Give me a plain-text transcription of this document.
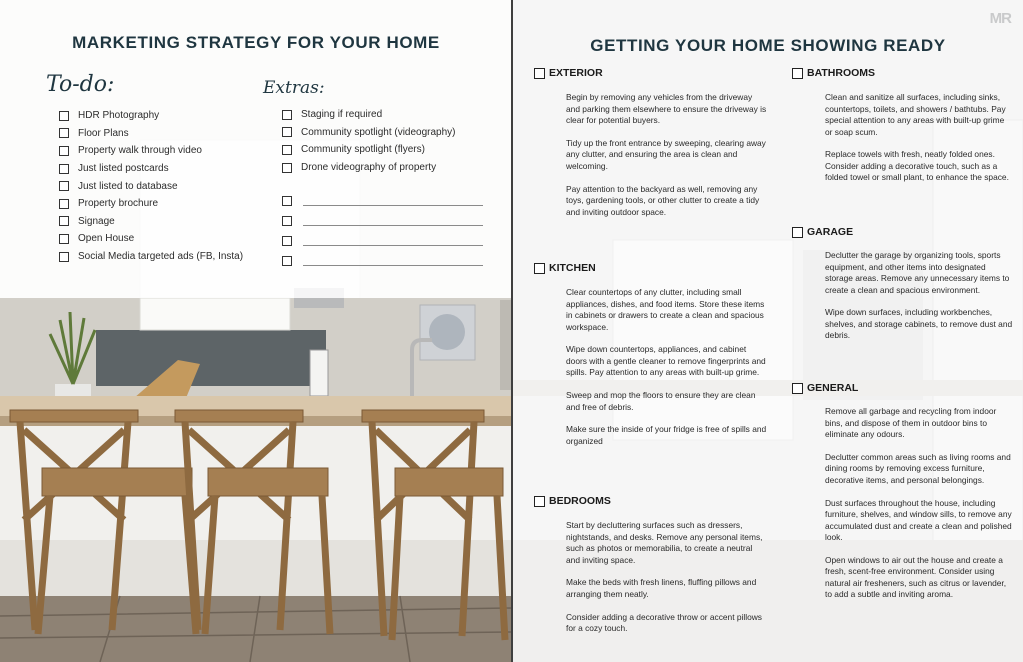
MARKETING STRATEGY FOR YOUR HOME
To-do:	Extras:
HDR Photography
Floor Plans
Property walk through video
Just listed postcards
Just listed to database
Property brochure
Signage
Open House
Social Media targeted ads (FB, Insta)
Staging if required
Community spotlight (videography)
Community spotlight (flyers)
Drone videography of property
MR
GETTING YOUR HOME SHOWING READY
EXTERIOR

Begin by removing any vehicles from the driveway and parking them elsewhere to ensure the driveway is clear for potential buyers.

Tidy up the front entrance by sweeping, clearing away any clutter, and ensuring the area is clean and welcoming.

Pay attention to the backyard as well, removing any toys, gardening tools, or other clutter to create a tidy and inviting outdoor space.

KITCHEN

Clear countertops of any clutter, including small appliances, dishes, and food items. Store these items in cabinets or drawers to create a clean and spacious workspace.

Wipe down countertops, appliances, and cabinet doors with a gentle cleaner to remove fingerprints and spills. Pay attention to any areas with built-up grime.

Sweep and mop the floors to ensure they are clean and free of debris.

Make sure the inside of your fridge is free of spills and organized

BEDROOMS

Start by decluttering surfaces such as dressers, nightstands, and desks. Remove any personal items, such as photos or memorabilia, to create a neutral and inviting space.

Make the beds with fresh linens, fluffing pillows and arranging them neatly.

Consider adding a decorative throw or accent pillows for a cozy touch.

BATHROOMS

Clean and sanitize all surfaces, including sinks, countertops, toilets, and showers / bathtubs. Pay special attention to any areas with built-up grime or soap scum.

Replace towels with fresh, neatly folded ones. Consider adding a decorative touch, such as a folded towel or small plant, to enhance the space.

GARAGE

Declutter the garage by organizing tools, sports equipment, and other items into designated storage areas. Remove any unnecessary items to create a clean and spacious environment.

Wipe down surfaces, including workbenches, shelves, and storage cabinets, to remove dust and debris.

GENERAL

Remove all garbage and recycling from indoor bins, and dispose of them in outdoor bins to eliminate any odours.

Declutter common areas such as living rooms and dining rooms by removing excess furniture, decorative items, and personal belongings.

Dust surfaces throughout the house, including furniture, shelves, and window sills, to remove any accumulated dust and create a clean and polished look.

Open windows to air out the house and create a fresh, scent-free environment. Consider using natural air fresheners, such as citrus or lavender, to add a subtle and inviting aroma.
